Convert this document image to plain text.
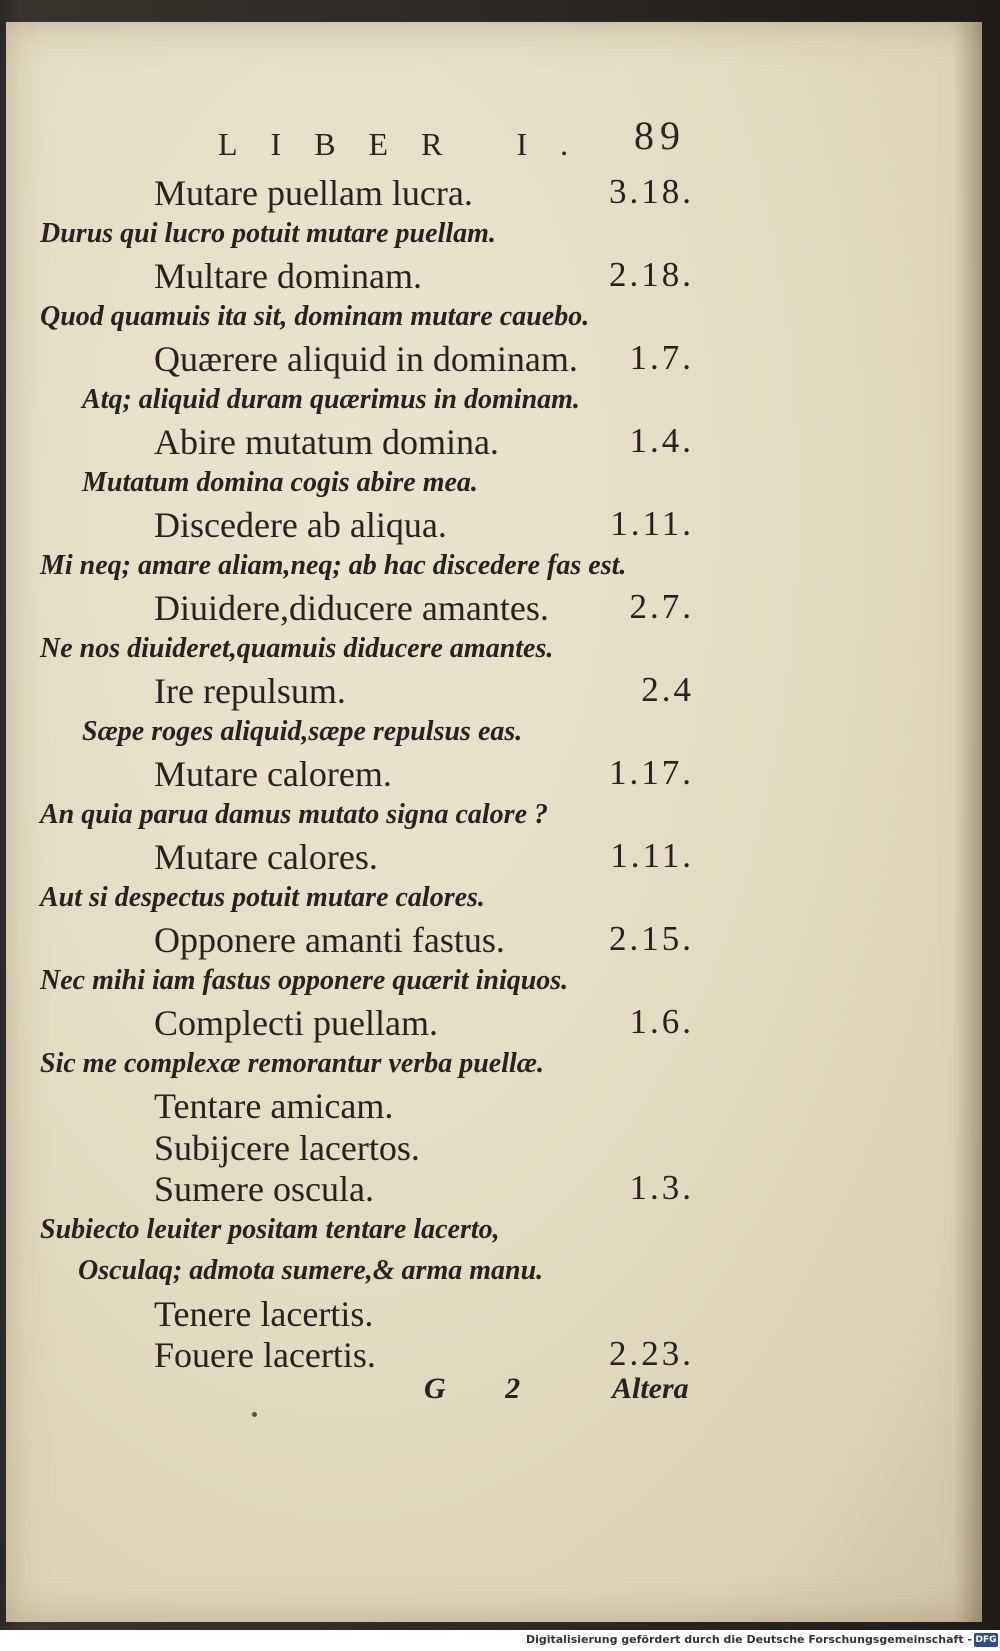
LIBER I. 89
Mutare puellam lucra.	3.18.
Durus qui lucro potuit mutare puellam.
Multare dominam.	2.18.
Quod quamuis ita sit, dominam mutare cauebo.
Quærere aliquid in dominam. 1.7.
Atq; aliquid duram quærimus in dominam.
Abire mutatum domina.	1.4.
Mutatum domina cogis abire mea.
Discedere ab aliqua.	1.11.
Mi neq; amare aliam,neq; ab hac discedere fas est.
Diuidere,diducere amantes. 2.7.
Ne nos diuideret,quamuis diducere amantes.
Ire repulsum.	2.4
Sæpe roges aliquid,sæpe repulsus eas.
Mutare calorem.	1.17.
An quia parua damus mutato signa calore ?
Mutare calores.	1.11.
Aut si despectus potuit mutare calores.
Opponere amanti fastus.	2.15.
Nec mihi iam fastus opponere quærit iniquos.
Complecti puellam.	1.6.
Sic me complexæ remorantur verba puellæ.
Tentare amicam.
Subijcere lacertos.
Sumere oscula.	1.3.
Subiecto leuiter positam tentare lacerto,
Osculaq; admota sumere,& arma manu.
Tenere lacertis.
Fouere lacertis.	2.23.
G 2 Altera
Digitalisierung gefördert durch die Deutsche Forschungsgemeinschaft - DFG
